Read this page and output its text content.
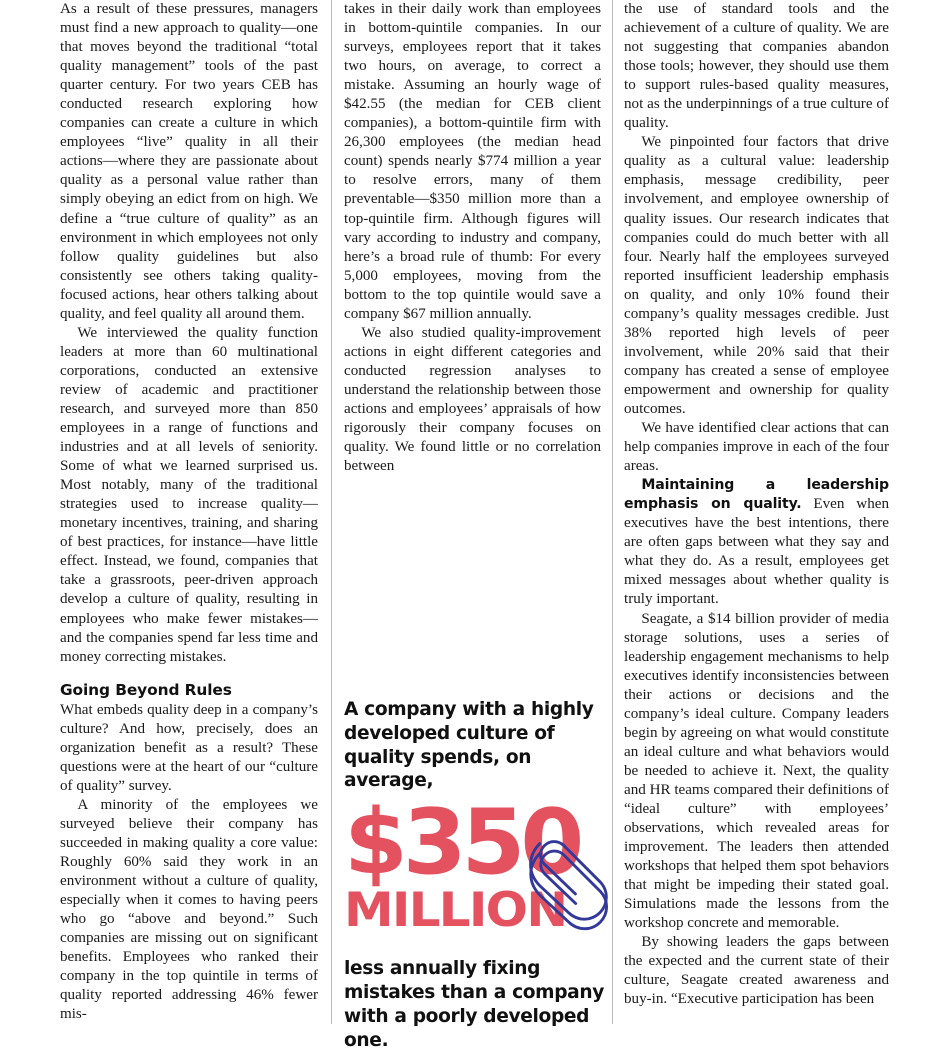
As a result of these pressures, managers must find a new approach to quality—one that moves beyond the traditional “total quality management” tools of the past quarter century. For two years CEB has conducted research exploring how companies can create a culture in which employees “live” quality in all their actions—where they are passionate about quality as a personal value rather than simply obeying an edict from on high. We define a “true culture of quality” as an environment in which employees not only follow quality guidelines but also consistently see others taking quality-focused actions, hear others talking about quality, and feel quality all around them.

We interviewed the quality function leaders at more than 60 multinational corporations, conducted an extensive review of academic and practitioner research, and surveyed more than 850 employees in a range of functions and industries and at all levels of seniority. Some of what we learned surprised us. Most notably, many of the traditional strategies used to increase quality—monetary incentives, training, and sharing of best practices, for instance—have little effect. Instead, we found, companies that take a grassroots, peer-driven approach develop a culture of quality, resulting in employees who make fewer mistakes—and the companies spend far less time and money correcting mistakes.

Going Beyond Rules

What embeds quality deep in a company’s culture? And how, precisely, does an organization benefit as a result? These questions were at the heart of our “culture of quality” survey.

A minority of the employees we surveyed believe their company has succeeded in making quality a core value: Roughly 60% said they work in an environment without a culture of quality, especially when it comes to having peers who go “above and beyond.” Such companies are missing out on significant benefits. Employees who ranked their company in the top quintile in terms of quality reported addressing 46% fewer mis-

takes in their daily work than employees in bottom-quintile companies. In our surveys, employees report that it takes two hours, on average, to correct a mistake. Assuming an hourly wage of $42.55 (the median for CEB client companies), a bottom-quintile firm with 26,300 employees (the median head count) spends nearly $774 million a year to resolve errors, many of them preventable—$350 million more than a top-quintile firm. Although figures will vary according to industry and company, here’s a broad rule of thumb: For every 5,000 employees, moving from the bottom to the top quintile would save a company $67 million annually.

We also studied quality-improvement actions in eight different categories and conducted regression analyses to understand the relationship between those actions and employees’ appraisals of how rigorously their company focuses on quality. We found little or no correlation between

A company with a highly developed culture of quality spends, on average,

$350

MILLION

less annually fixing mistakes than a company with a poorly developed one.

the use of standard tools and the achievement of a culture of quality. We are not suggesting that companies abandon those tools; however, they should use them to support rules-based quality measures, not as the underpinnings of a true culture of quality.

We pinpointed four factors that drive quality as a cultural value: leadership emphasis, message credibility, peer involvement, and employee ownership of quality issues. Our research indicates that companies could do much better with all four. Nearly half the employees surveyed reported insufficient leadership emphasis on quality, and only 10% found their company’s quality messages credible. Just 38% reported high levels of peer involvement, while 20% said that their company has created a sense of employee empowerment and ownership for quality outcomes.

We have identified clear actions that can help companies improve in each of the four areas.

Maintaining a leadership emphasis on quality. Even when executives have the best intentions, there are often gaps between what they say and what they do. As a result, employees get mixed messages about whether quality is truly important.

Seagate, a $14 billion provider of media storage solutions, uses a series of leadership engagement mechanisms to help executives identify inconsistencies between their actions or decisions and the company’s ideal culture. Company leaders begin by agreeing on what would constitute an ideal culture and what behaviors would be needed to achieve it. Next, the quality and HR teams compared their definitions of “ideal culture” with employees’ observations, which revealed areas for improvement. The leaders then attended workshops that helped them spot behaviors that might be impeding their stated goal. Simulations made the lessons from the workshop concrete and memorable.

By showing leaders the gaps between the expected and the current state of their culture, Seagate created awareness and buy-in. “Executive participation has been
